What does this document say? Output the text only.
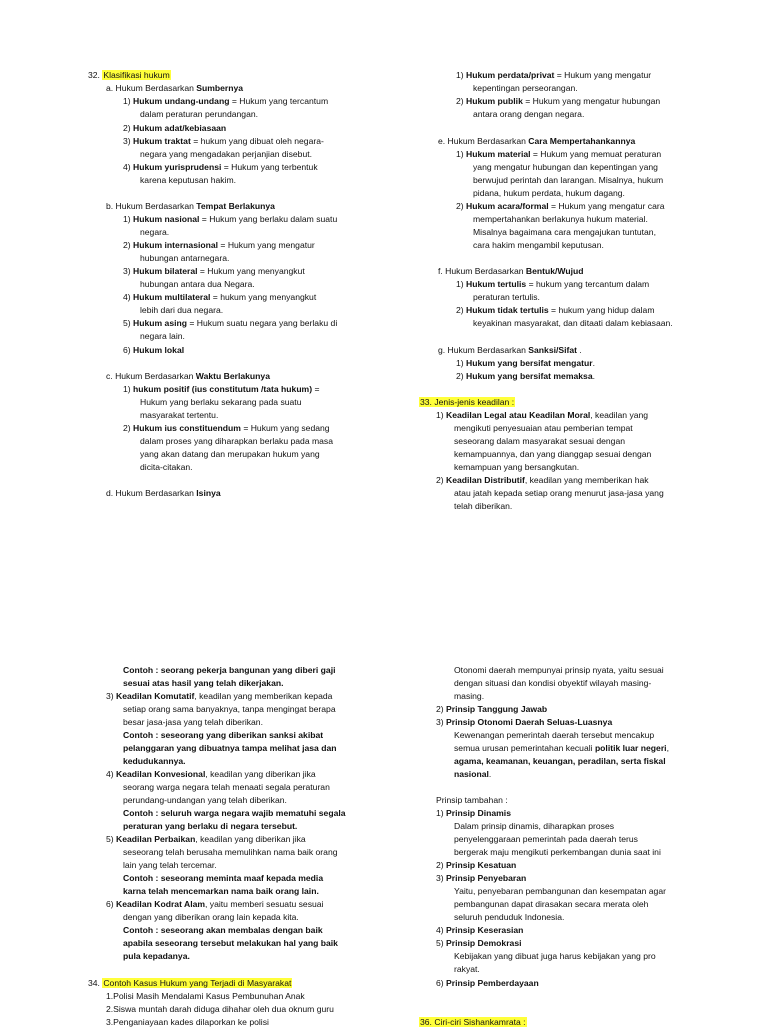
32. Klasifikasi hukum
a. Hukum Berdasarkan Sumbernya
1) Hukum undang-undang = Hukum yang tercantum
dalam peraturan perundangan.
2) Hukum adat/kebiasaan
3) Hukum traktat = hukum yang dibuat oleh negara-
negara yang mengadakan perjanjian disebut.
4) Hukum yurisprudensi = Hukum yang terbentuk
karena keputusan hakim.
b. Hukum Berdasarkan Tempat Berlakunya
1) Hukum nasional = Hukum yang berlaku dalam suatu
negara.
2) Hukum internasional = Hukum yang mengatur
hubungan antarnegara.
3) Hukum bilateral = Hukum yang menyangkut
hubungan antara dua Negara.
4) Hukum multilateral = hukum yang menyangkut
lebih dari dua negara.
5) Hukum asing = Hukum suatu negara yang berlaku di
negara lain.
6) Hukum lokal
c. Hukum Berdasarkan Waktu Berlakunya
1) hukum positif (ius constitutum /tata hukum) =
Hukum yang berlaku sekarang pada suatu
masyarakat tertentu.
2) Hukum ius constituendum = Hukum yang sedang
dalam proses yang diharapkan berlaku pada masa
yang akan datang dan merupakan hukum yang
dicita-citakan.
d. Hukum Berdasarkan Isinya
1) Hukum perdata/privat = Hukum yang mengatur
kepentingan perseorangan.
2) Hukum publik = Hukum yang mengatur hubungan
antara orang dengan negara.
e. Hukum Berdasarkan Cara Mempertahankannya
1) Hukum material = Hukum yang memuat peraturan
yang mengatur hubungan dan kepentingan yang
berwujud perintah dan larangan. Misalnya, hukum
pidana, hukum perdata, hukum dagang.
2) Hukum acara/formal = Hukum yang mengatur cara
mempertahankan berlakunya hukum material.
Misalnya bagaimana cara mengajukan tuntutan,
cara hakim mengambil keputusan.
f. Hukum Berdasarkan Bentuk/Wujud
1) Hukum tertulis = hukum yang tercantum dalam
peraturan tertulis.
2) Hukum tidak tertulis = hukum yang hidup dalam
keyakinan masyarakat, dan ditaati dalam kebiasaan.
g. Hukum Berdasarkan Sanksi/Sifat .
1) Hukum yang bersifat mengatur.
2) Hukum yang bersifat memaksa.
33. Jenis-jenis keadilan :
1) Keadilan Legal atau Keadilan Moral, keadilan yang
mengikuti penyesuaian atau pemberian tempat
seseorang dalam masyarakat sesuai dengan
kemampuannya, dan yang dianggap sesuai dengan
kemampuan yang bersangkutan.
2) Keadilan Distributif, keadilan yang memberikan hak
atau jatah kepada setiap orang menurut jasa-jasa yang
telah diberikan.
Contoh : seorang pekerja bangunan yang diberi gaji
sesuai atas hasil yang telah dikerjakan.
3) Keadilan Komutatif, keadilan yang memberikan kepada
setiap orang sama banyaknya, tanpa mengingat berapa
besar jasa-jasa yang telah diberikan.
Contoh : seseorang yang diberikan sanksi akibat
pelanggaran yang dibuatnya tampa melihat jasa dan
kedudukannya.
4) Keadilan Konvesional, keadilan yang diberikan jika
seorang warga negara telah menaati segala peraturan
perundang-undangan yang telah diberikan.
Contoh : seluruh warga negara wajib mematuhi segala
peraturan yang berlaku di negara tersebut.
5) Keadilan Perbaikan, keadilan yang diberikan jika
seseorang telah berusaha memulihkan nama baik orang
lain yang telah tercemar.
Contoh : seseorang meminta maaf kepada media
karna telah mencemarkan nama baik orang lain.
6) Keadilan Kodrat Alam, yaitu memberi sesuatu sesuai
dengan yang diberikan orang lain kepada kita.
Contoh : seseorang akan membalas dengan baik
apabila seseorang tersebut melakukan hal yang baik
pula kepadanya.
34. Contoh Kasus Hukum yang Terjadi di Masyarakat
1.Polisi Masih Mendalami Kasus Pembunuhan Anak
2.Siswa muntah darah diduga dihahar oleh dua oknum guru
3.Penganiayaan kades dilaporkan ke polisi
Otonomi daerah mempunyai prinsip nyata, yaitu sesuai
dengan situasi dan kondisi obyektif wilayah masing-
masing.
2) Prinsip Tanggung Jawab
3) Prinsip Otonomi Daerah Seluas-Luasnya
Kewenangan pemerintah daerah tersebut mencakup
semua urusan pemerintahan kecuali politik luar negeri,
agama, keamanan, keuangan, peradilan, serta fiskal
nasional.
Prinsip tambahan :
1) Prinsip Dinamis
Dalam prinsip dinamis, diharapkan proses
penyelenggaraan pemerintah pada daerah terus
bergerak maju mengikuti perkembangan dunia saat ini
2) Prinsip Kesatuan
3) Prinsip Penyebaran
Yaitu, penyebaran pembangunan dan kesempatan agar
pembangunan dapat dirasakan secara merata oleh
seluruh penduduk Indonesia.
4) Prinsip Keserasian
5) Prinsip Demokrasi
Kebijakan yang dibuat juga harus kebijakan yang pro
rakyat.
6) Prinsip Pemberdayaan
36. Ciri-ciri Sishankamrata :
